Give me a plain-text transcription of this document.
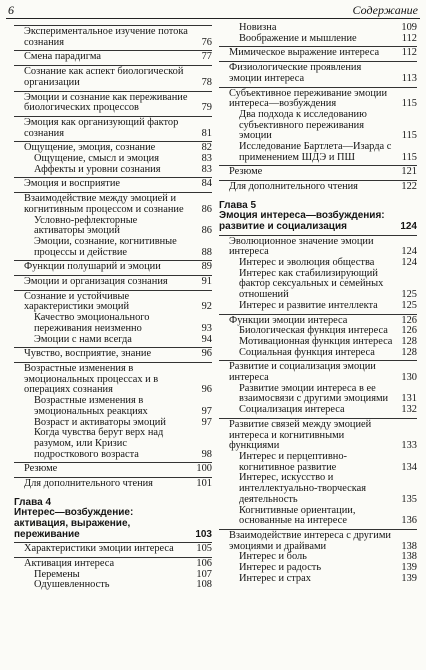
6	Содержание
Экспериментальное изучение потока сознания	76
Смена парадигма	77
Сознание как аспект биологической организации	78
Эмоции и сознание как переживание биологических процессов	79
Эмоция как организующий фактор сознания	81
Ощущение, эмоция, сознание	82
Ощущение, смысл и эмоция	83
Аффекты и уровни сознания	83
Эмоция и восприятие	84
Взаимодействие между эмоцией и когнитивным процессом и сознание	86
Условно-рефлекторные активаторы эмоций	86
Эмоции, сознание, когнитивные процессы и действие	88
Функции полушарий и эмоции	89
Эмоции и организация сознания	91
Сознание и устойчивые характеристики эмоций	92
Качество эмоционального переживания неизменно	93
Эмоции с нами всегда	94
Чувство, восприятие, знание	96
Возрастные изменения в эмоциональных процессах и в операциях сознания	96
Возрастные изменения в эмоциональных реакциях	97
Возраст и активаторы эмоций	97
Когда чувства берут верх над разумом, или Кризис подросткового возраста	98
Резюме	100
Для дополнительного чтения	101
Глава 4
Интерес—возбуждение: активация, выражение, переживание	103
Характеристики эмоции интереса	105
Активация интереса	106
Перемены	107
Одушевленность	108
Новизна	109
Воображение и мышление	112
Мимическое выражение интереса	112
Физиологические проявления эмоции интереса	113
Субъективное переживание эмоции интереса—возбуждения	115
Два подхода к исследованию субъективного переживания эмоции	115
Исследование Бартлета—Изарда с применением ШДЭ и ПШ	115
Резюме	121
Для дополнительного чтения	122
Глава 5
Эмоция интереса—возбуждения: развитие и социализация	124
Эволюционное значение эмоции интереса	124
Интерес и эволюция общества	124
Интерес как стабилизирующий фактор сексуальных и семейных отношений	125
Интерес и развитие интеллекта	125
Функции эмоции интереса	126
Биологическая функция интереса	126
Мотивационная функция интереса 128
Социальная функция интереса	128
Развитие и социализация эмоции интереса	130
Развитие эмоции интереса в ее взаимосвязи с другими эмоциями	131
Социализация интереса	132
Развитие связей между эмоцией интереса и когнитивными функциями	133
Интерес и перцептивно-когнитивное развитие	134
Интерес, искусство и интеллектуально-творческая деятельность	135
Когнитивные ориентации, основанные на интересе	136
Взаимодействие интереса с другими эмоциями и драйвами	138
Интерес и боль	138
Интерес и радость	139
Интерес и страх	139
